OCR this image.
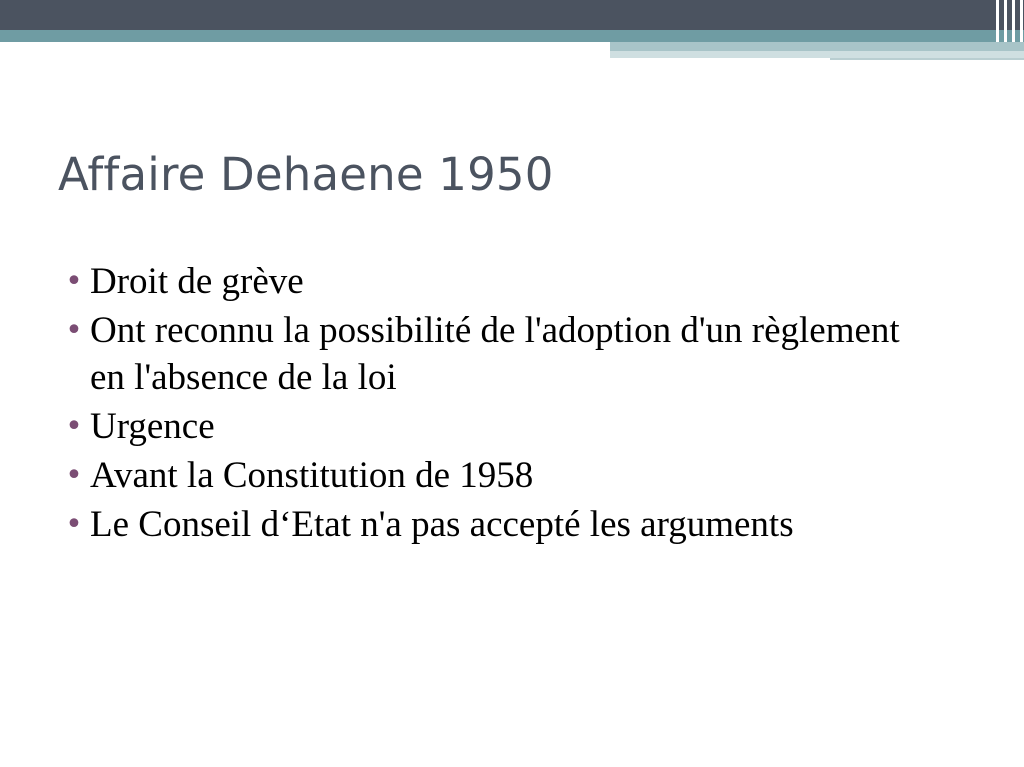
Affaire Dehaene 1950
• Droit de grève
• Ont reconnu la possibilité de l'adoption d'un règlement en l'absence de la loi
• Urgence
• Avant la Constitution de 1958
• Le Conseil d‘Etat n'a pas accepté les arguments
